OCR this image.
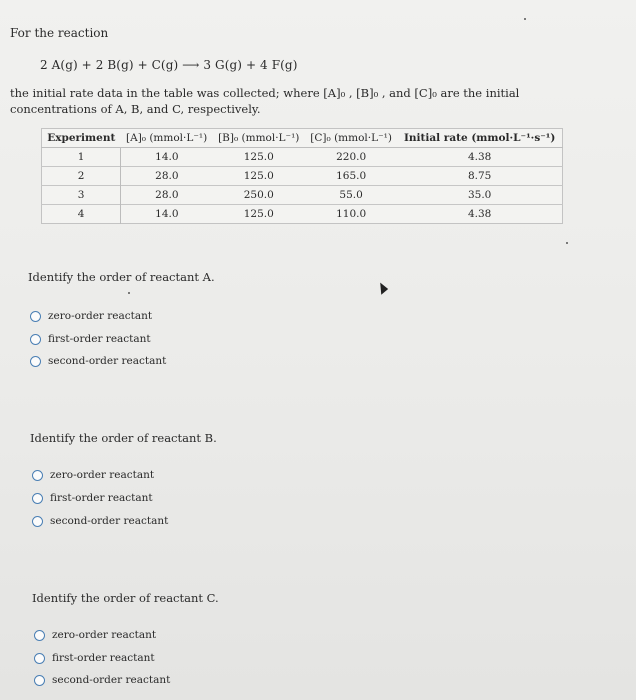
For the reaction
2 A(g) + 2 B(g) + C(g) ⟶ 3 G(g) + 4 F(g)
the initial rate data in the table was collected; where [A]₀ , [B]₀ , and [C]₀ are the initial concentrations of A, B, and C, respectively.
Experiment	[A]₀ (mmol·L⁻¹)	[B]₀ (mmol·L⁻¹)	[C]₀ (mmol·L⁻¹)	Initial rate (mmol·L⁻¹·s⁻¹)
1	14.0	125.0	220.0	4.38
2	28.0	125.0	165.0	8.75
3	28.0	250.0	55.0	35.0
4	14.0	125.0	110.0	4.38
Identify the order of reactant A.
zero-order reactant
first-order reactant
second-order reactant
Identify the order of reactant B.
zero-order reactant
first-order reactant
second-order reactant
Identify the order of reactant C.
zero-order reactant
first-order reactant
second-order reactant
